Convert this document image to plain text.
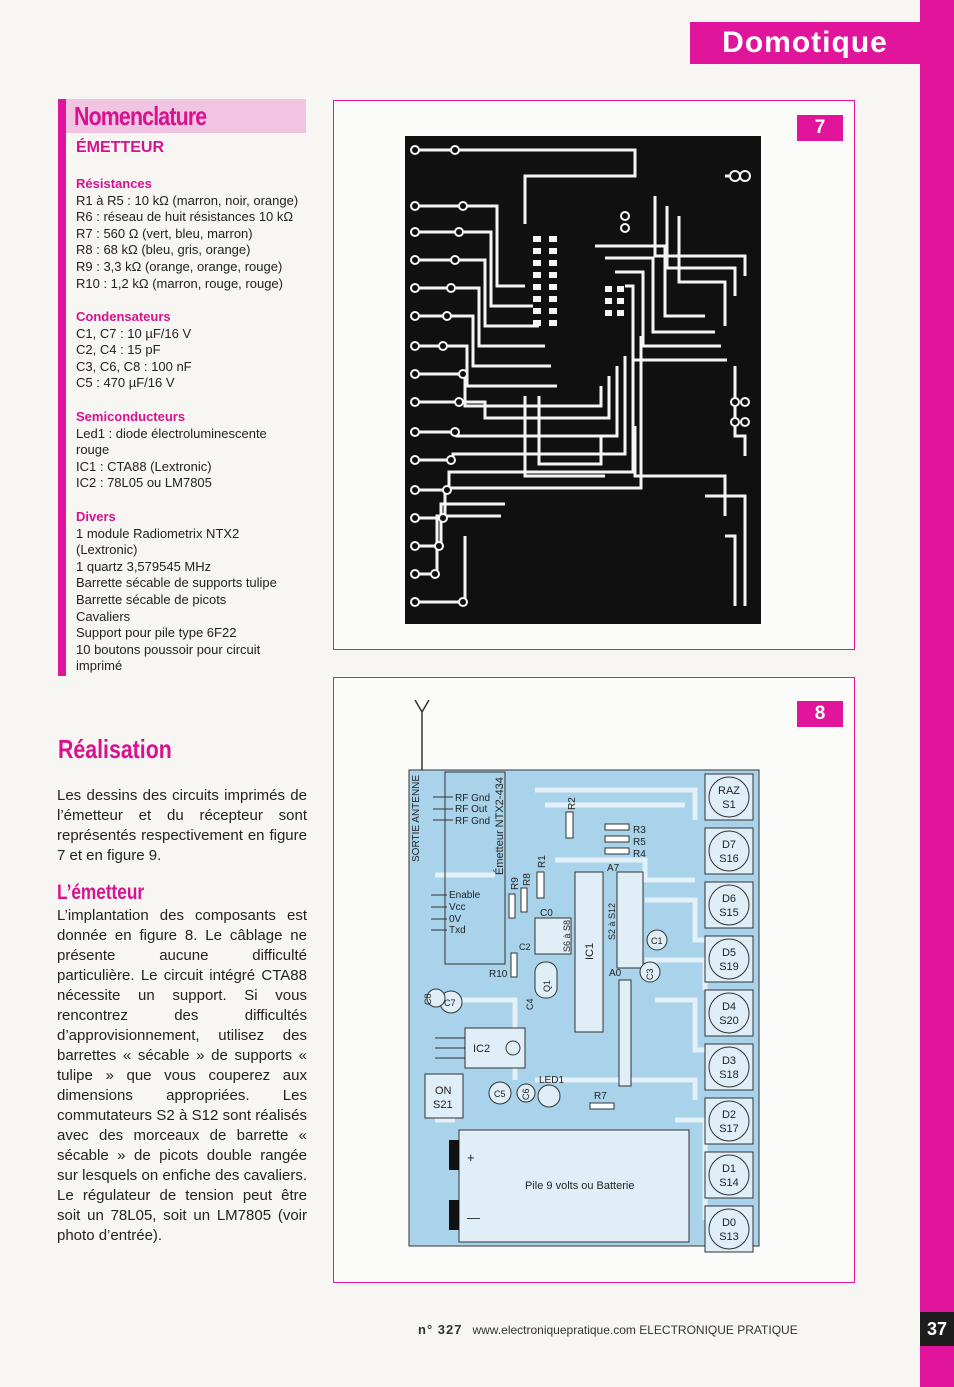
Domotique
Nomenclature
ÉMETTEUR
Résistances
R1 à R5 : 10 kΩ (marron, noir, orange)
R6 : réseau de huit résistances 10 kΩ
R7 : 560 Ω (vert, bleu, marron)
R8 : 68 kΩ (bleu, gris, orange)
R9 : 3,3 kΩ (orange, orange, rouge)
R10 : 1,2 kΩ (marron, rouge, rouge)
Condensateurs
C1, C7 : 10 µF/16 V
C2, C4 : 15 pF
C3, C6, C8 : 100 nF
C5 : 470 µF/16 V
Semiconducteurs
Led1 : diode électroluminescente rouge
IC1 : CTA88 (Lextronic)
IC2 : 78L05 ou LM7805
Divers
1 module Radiometrix NTX2 (Lextronic)
1 quartz 3,579545 MHz
Barrette sécable de supports tulipe
Barrette sécable de picots
Cavaliers
Support pour pile type 6F22
10 boutons poussoir pour circuit imprimé
Réalisation
Les dessins des circuits imprimés de l’émetteur et du récepteur sont représentés respectivement en figure 7 et en figure 9.
L’émetteur
L’implantation des composants est donnée en figure 8. Le câblage ne présente aucune difficulté particulière. Le circuit intégré CTA88 nécessite un support. Si vous rencontrez des difficultés d’approvisionnement, utilisez des barrettes « sécable » de supports « tulipe » que vous couperez aux dimensions appropriées. Les commutateurs S2 à S12 sont réalisés avec des morceaux de barrette « sécable » de picots double rangée sur lesquels on enfiche des cavaliers. Le régulateur de tension peut être soit un 78L05, soit un LM7805 (voir photo d’entrée).
7
8
RF Gnd
RF Out
RF Gnd
Enable
Vcc
0V
Txd
Émetteur NTX2-434
SORTIE ANTENNE	R2
R3
R5
R4
R1
R9 R8
R10
R7
C0
S6 à S8	S2 à S12
A7
A0
IC1
C1
C2
C3
C4
C5 C6
C7
C8
Q1
IC2
LED1
ON
S21
+
—
Pile 9 volts ou Batterie
RAZ
S1
D7
S16
D6
S15
D5
S19
D4
S20
D3
S18
D2
S17
D1
S14
D0
S13
n° 327 www.electroniquepratique.com ELECTRONIQUE PRATIQUE	37
